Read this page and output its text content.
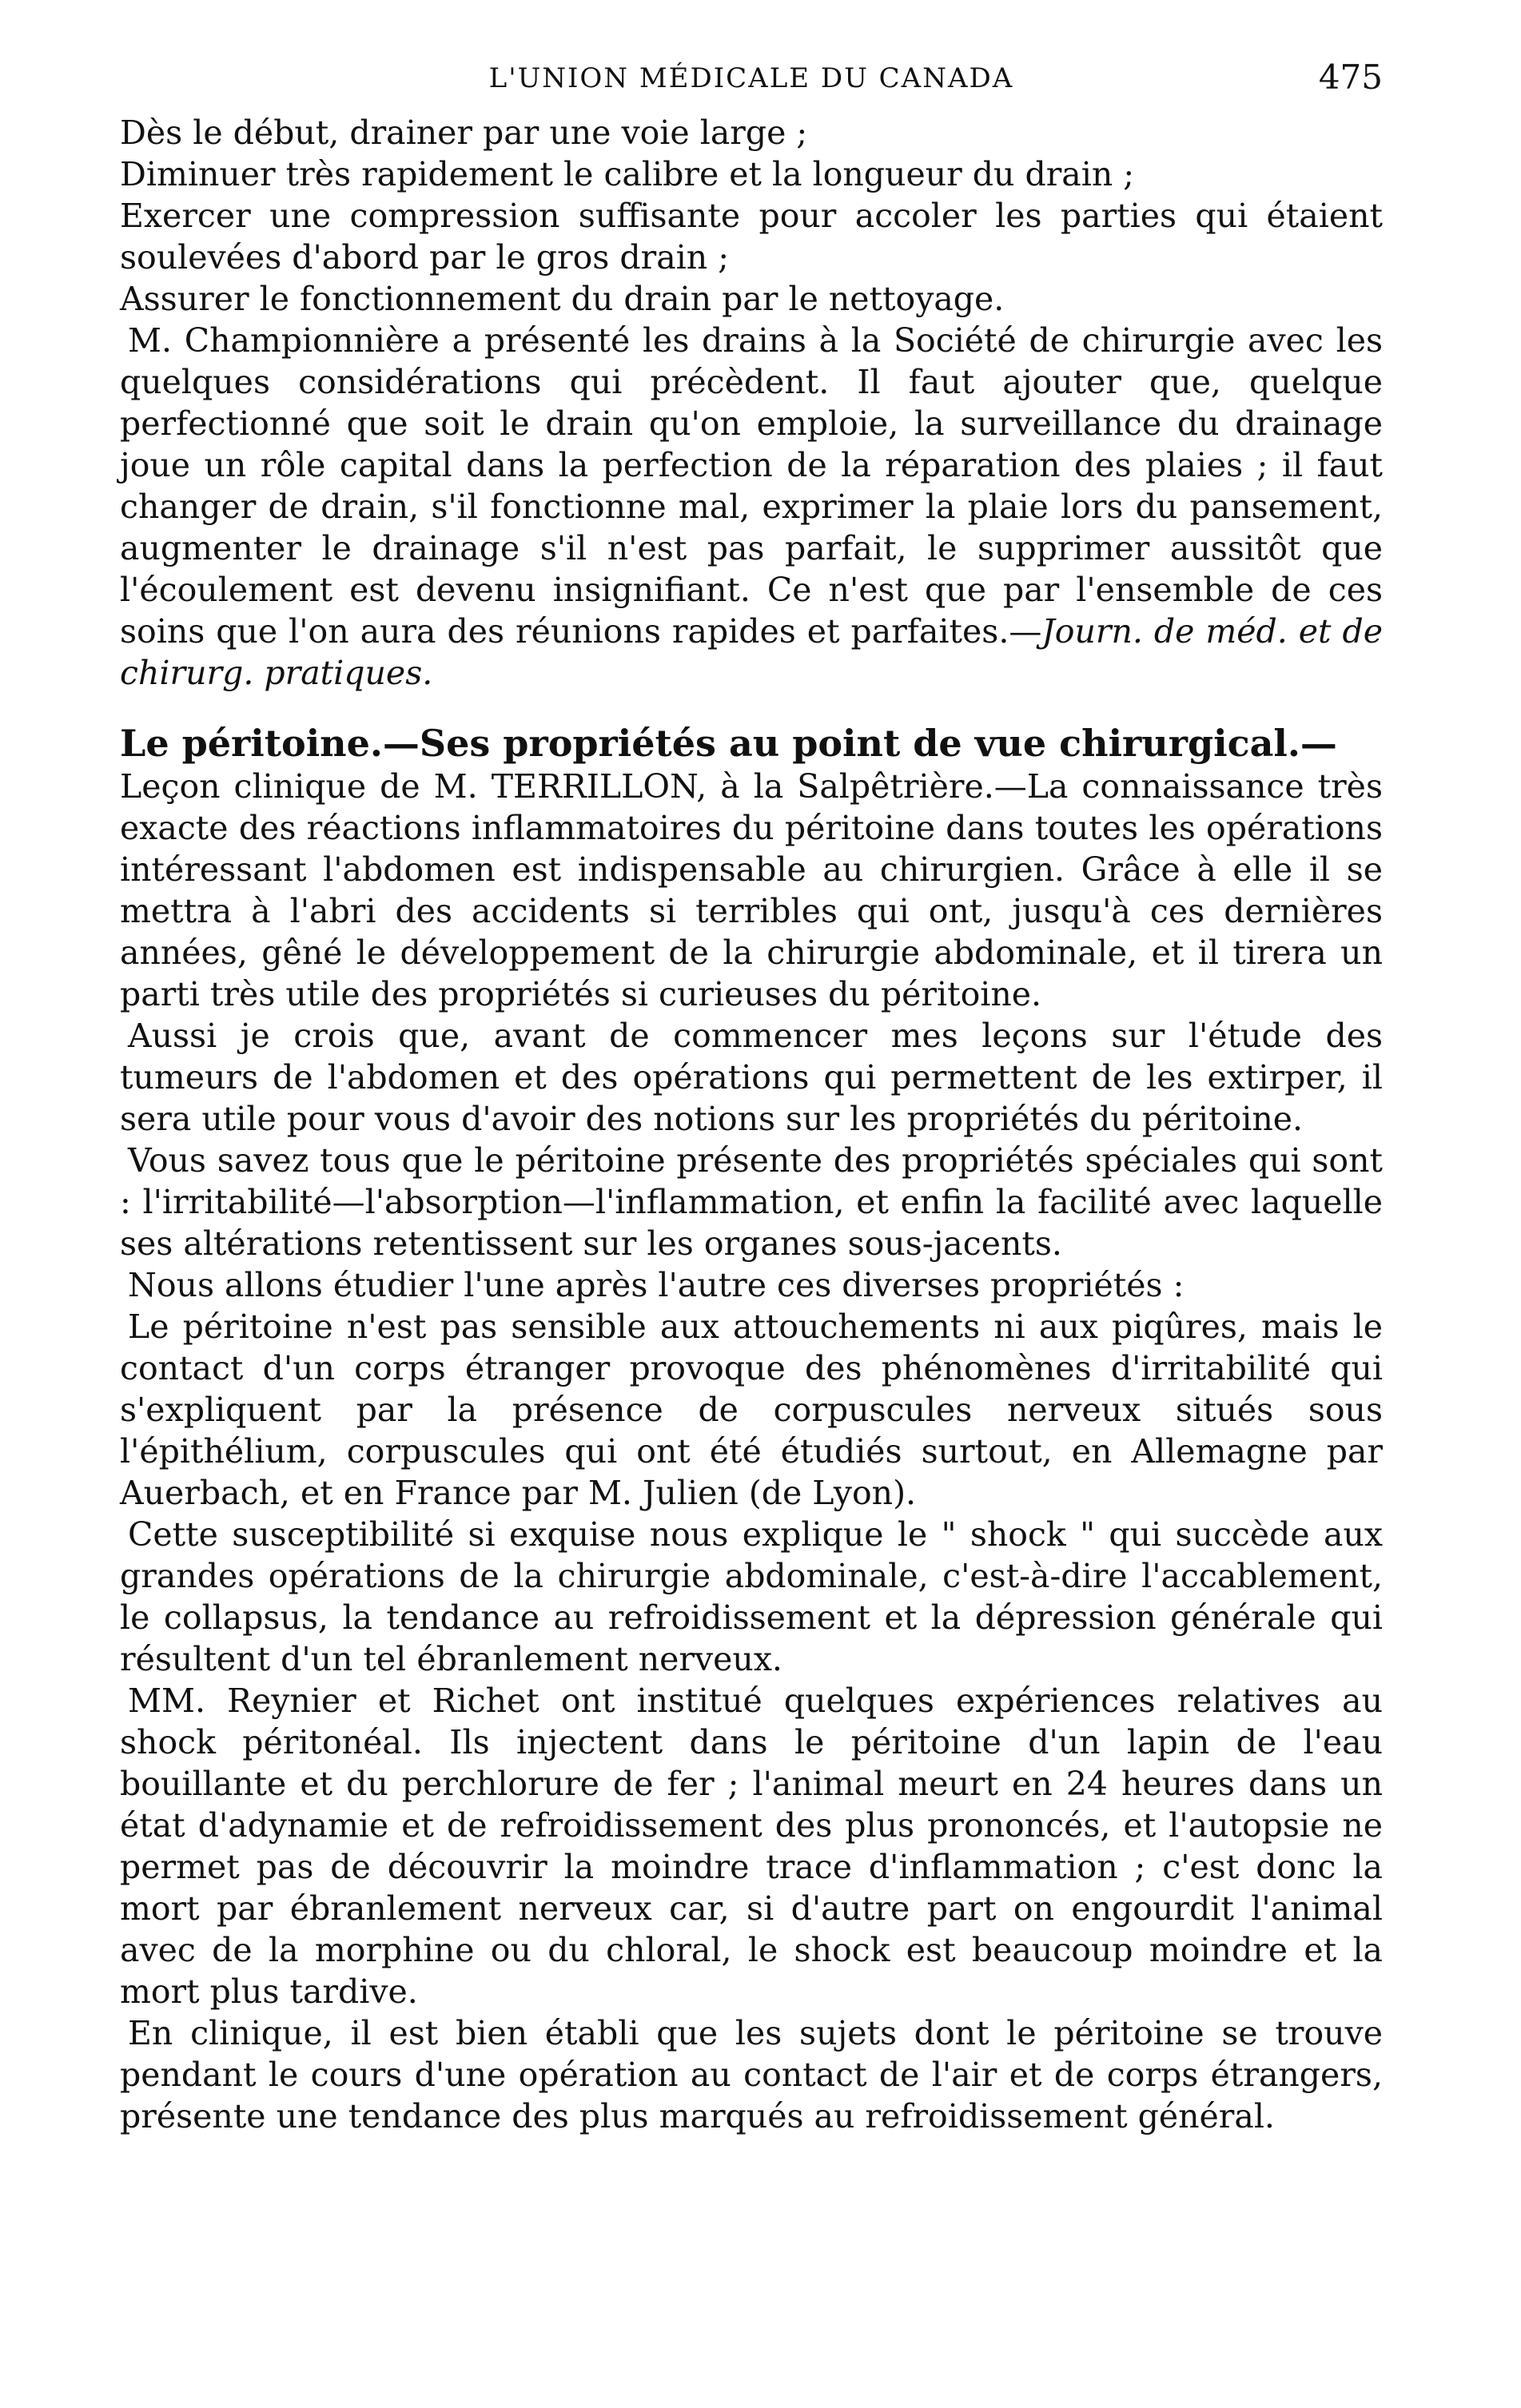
L'UNION MÉDICALE DU CANADA	475

Dès le début, drainer par une voie large ;

Diminuer très rapidement le calibre et la longueur du drain ;

Exercer une compression suffisante pour accoler les parties qui étaient soulevées d'abord par le gros drain ;

Assurer le fonctionnement du drain par le nettoyage.

M. Championnière a présenté les drains à la Société de chirurgie avec les quelques considérations qui précèdent. Il faut ajouter que, quelque perfectionné que soit le drain qu'on emploie, la surveillance du drainage joue un rôle capital dans la perfection de la réparation des plaies ; il faut changer de drain, s'il fonctionne mal, exprimer la plaie lors du pansement, augmenter le drainage s'il n'est pas parfait, le supprimer aussitôt que l'écoulement est devenu insignifiant. Ce n'est que par l'ensemble de ces soins que l'on aura des réunions rapides et parfaites.—Journ. de méd. et de chirurg. pratiques.

Le péritoine.—Ses propriétés au point de vue chirurgical.—

Leçon clinique de M. TERRILLON, à la Salpêtrière.—La connaissance très exacte des réactions inflammatoires du péritoine dans toutes les opérations intéressant l'abdomen est indispensable au chirurgien. Grâce à elle il se mettra à l'abri des accidents si terribles qui ont, jusqu'à ces dernières années, gêné le développement de la chirurgie abdominale, et il tirera un parti très utile des propriétés si curieuses du péritoine.

Aussi je crois que, avant de commencer mes leçons sur l'étude des tumeurs de l'abdomen et des opérations qui permettent de les extirper, il sera utile pour vous d'avoir des notions sur les propriétés du péritoine.

Vous savez tous que le péritoine présente des propriétés spéciales qui sont : l'irritabilité—l'absorption—l'inflammation, et enfin la facilité avec laquelle ses altérations retentissent sur les organes sous-jacents.

Nous allons étudier l'une après l'autre ces diverses propriétés :

Le péritoine n'est pas sensible aux attouchements ni aux piqûres, mais le contact d'un corps étranger provoque des phénomènes d'irritabilité qui s'expliquent par la présence de corpuscules nerveux situés sous l'épithélium, corpuscules qui ont été étudiés surtout, en Allemagne par Auerbach, et en France par M. Julien (de Lyon).

Cette susceptibilité si exquise nous explique le " shock " qui succède aux grandes opérations de la chirurgie abdominale, c'est-à-dire l'accablement, le collapsus, la tendance au refroidissement et la dépression générale qui résultent d'un tel ébranlement nerveux.

MM. Reynier et Richet ont institué quelques expériences relatives au shock péritonéal. Ils injectent dans le péritoine d'un lapin de l'eau bouillante et du perchlorure de fer ; l'animal meurt en 24 heures dans un état d'adynamie et de refroidissement des plus prononcés, et l'autopsie ne permet pas de découvrir la moindre trace d'inflammation ; c'est donc la mort par ébranlement nerveux car, si d'autre part on engourdit l'animal avec de la morphine ou du chloral, le shock est beaucoup moindre et la mort plus tardive.

En clinique, il est bien établi que les sujets dont le péritoine se trouve pendant le cours d'une opération au contact de l'air et de corps étrangers, présente une tendance des plus marqués au refroidissement général.
